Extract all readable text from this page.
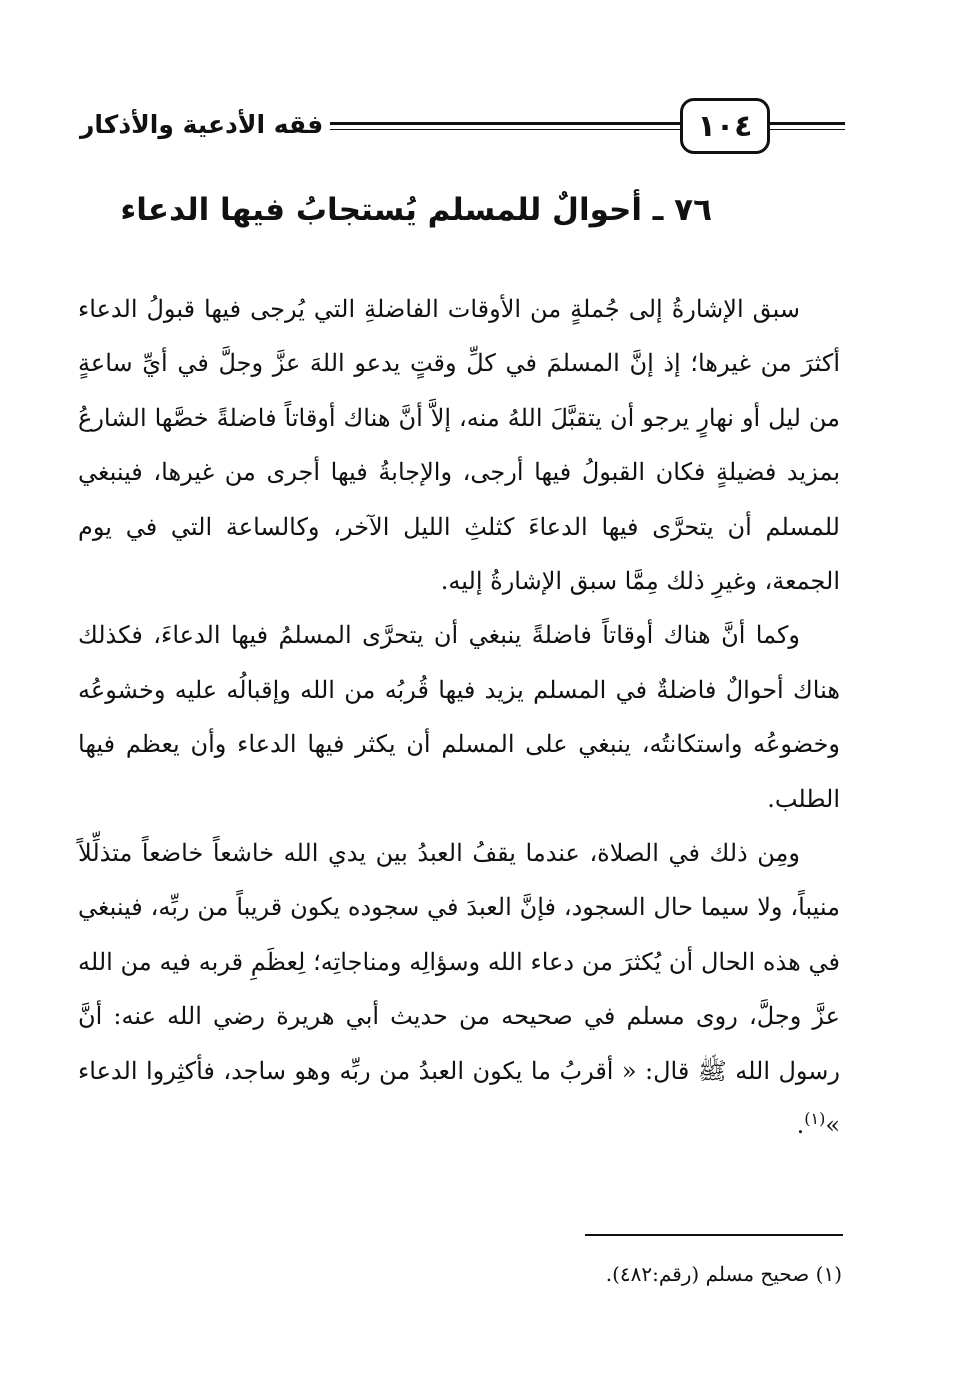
فقه الأدعية والأذكار	١٠٤
٧٦ ـ أحوالٌ للمسلم يُستجابُ فيها الدعاء

سبق الإشارةُ إلى جُملةٍ من الأوقات الفاضلةِ التي يُرجى فيها قبولُ الدعاء أكثرَ من غيرها؛ إذ إنَّ المسلمَ في كلِّ وقتٍ يدعو اللهَ عزَّ وجلَّ في أيِّ ساعةٍ من ليل أو نهارٍ يرجو أن يتقبَّلَ اللهُ منه، إلاَّ أنَّ هناك أوقاتاً فاضلةً خصَّها الشارعُ بمزيد فضيلةٍ فكان القبولُ فيها أرجى، والإجابةُ فيها أجرى من غيرها، فينبغي للمسلم أن يتحرَّى فيها الدعاءَ كثلثِ الليل الآخر، وكالساعة التي في يوم الجمعة، وغيرِ ذلك مِمَّا سبق الإشارةُ إليه.

وكما أنَّ هناك أوقاتاً فاضلةً ينبغي أن يتحرَّى المسلمُ فيها الدعاءَ، فكذلك هناك أحوالٌ فاضلةٌ في المسلم يزيد فيها قُربُه من الله وإقبالُه عليه وخشوعُه وخضوعُه واستكانتُه، ينبغي على المسلم أن يكثر فيها الدعاء وأن يعظم فيها الطلب.

ومِن ذلك في الصلاة، عندما يقفُ العبدُ بين يدي الله خاشعاً خاضعاً متذلِّلاً منيباً، ولا سيما حال السجود، فإنَّ العبدَ في سجوده يكون قريباً من ربِّه، فينبغي في هذه الحال أن يُكثرَ من دعاء الله وسؤالِه ومناجاتِه؛ لِعظَمِ قربه فيه من الله عزَّ وجلَّ، روى مسلم في صحيحه من حديث أبي هريرة رضي الله عنه: أنَّ رسول الله ﷺ قال: « أقربُ ما يكون العبدُ من ربِّه وهو ساجد، فأكثِروا الدعاء »$^{(١)}$.

(١) صحيح مسلم (رقم:٤٨٢).
